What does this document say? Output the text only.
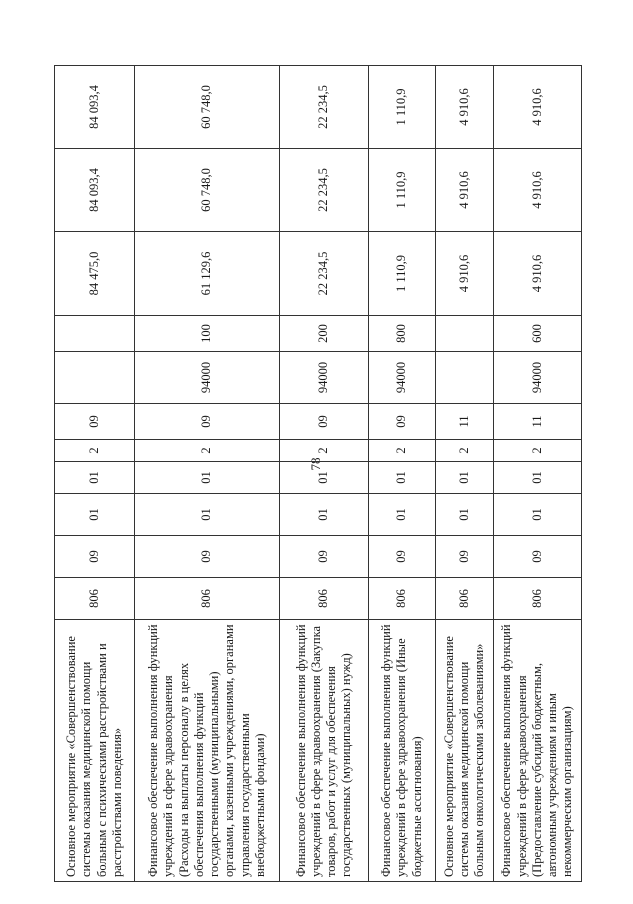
78
Основное мероприятие «Совершенствование системы оказания медицинской помощи больным с психическими расстройствами и расстройствами поведения»	806	09	01	01	2	09			84 475,0	84 093,4	84 093,4
Финансовое обеспечение выполнения функций учреждений в сфере здравоохранения (Расходы на выплаты персоналу в целях обеспечения выполнения функций государственными (муниципальными) органами, казенными учреждениями, органами управления государственными внебюджетными фондами)	806	09	01	01	2	09	94000	100	61 129,6	60 748,0	60 748,0
Финансовое обеспечение выполнения функций учреждений в сфере здравоохранения (Закупка товаров, работ и услуг для обеспечения государственных (муниципальных) нужд)	806	09	01	01	2	09	94000	200	22 234,5	22 234,5	22 234,5
Финансовое обеспечение выполнения функций учреждений в сфере здравоохранения (Иные бюджетные ассигнования)	806	09	01	01	2	09	94000	800	1 110,9	1 110,9	1 110,9
Основное мероприятие «Совершенствование системы оказания медицинской помощи больным онкологическими заболеваниями»	806	09	01	01	2	11			4 910,6	4 910,6	4 910,6
Финансовое обеспечение выполнения функций учреждений в сфере здравоохранения (Предоставление субсидий бюджетным, автономным учреждениям и иным некоммерческим организациям)	806	09	01	01	2	11	94000	600	4 910,6	4 910,6	4 910,6
